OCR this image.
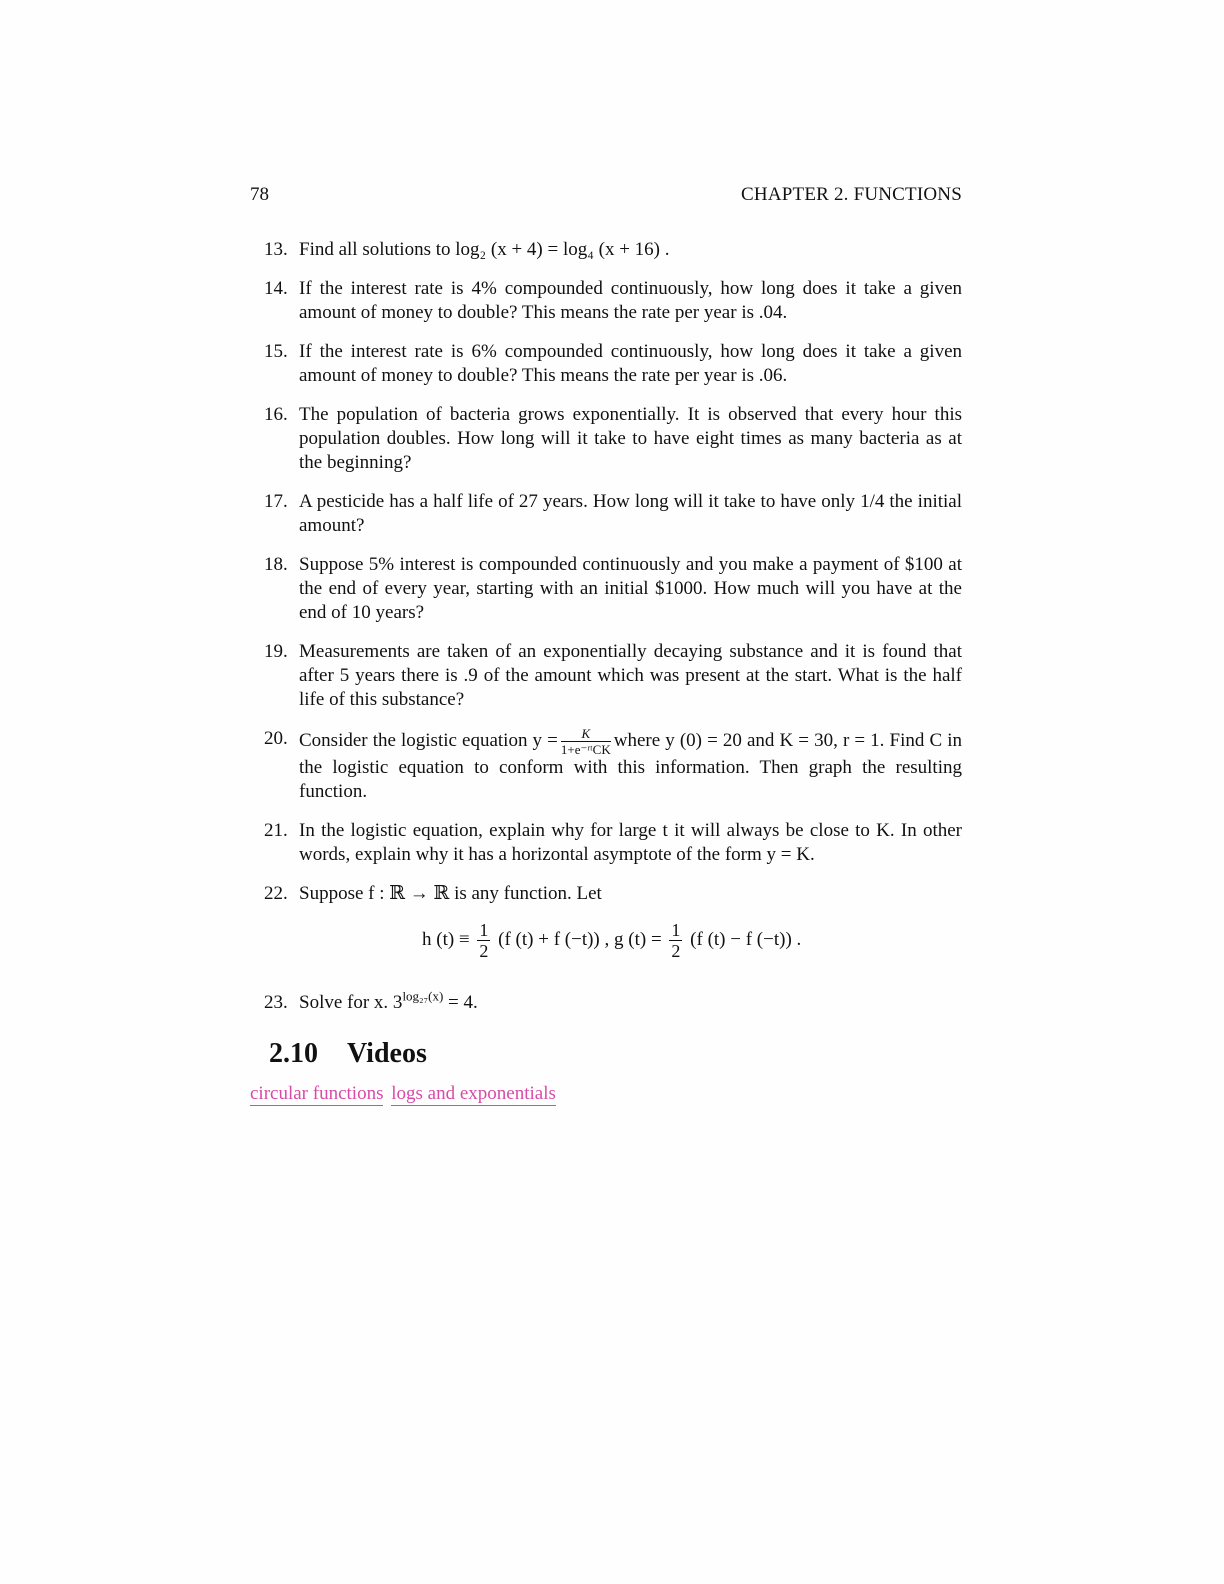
78	CHAPTER 2. FUNCTIONS
13. Find all solutions to log₂ (x + 4) = log₄ (x + 16) .
14. If the interest rate is 4% compounded continuously, how long does it take a given amount of money to double? This means the rate per year is .04.
15. If the interest rate is 6% compounded continuously, how long does it take a given amount of money to double? This means the rate per year is .06.
16. The population of bacteria grows exponentially. It is observed that every hour this population doubles. How long will it take to have eight times as many bacteria as at the beginning?
17. A pesticide has a half life of 27 years. How long will it take to have only 1/4 the initial amount?
18. Suppose 5% interest is compounded continuously and you make a payment of $100 at the end of every year, starting with an initial $1000. How much will you have at the end of 10 years?
19. Measurements are taken of an exponentially decaying substance and it is found that after 5 years there is .9 of the amount which was present at the start. What is the half life of this substance?
20. Consider the logistic equation $y = \frac{K}{\text{1+e⁻ʳᵗCK}}$ where y (0) = 20 and K = 30, r = 1. Find C in the logistic equation to conform with this information. Then graph the resulting function.
21. In the logistic equation, explain why for large t it will always be close to K. In other words, explain why it has a horizontal asymptote of the form y = K.
22. Suppose f : ℝ → ℝ is any function. Let
h $(t) \equiv \frac{1}{2} (f$ (t) + f (−t)) , g $(t) = \frac{1}{2} (f$ (t) − f (−t)) .
23. Solve for x. $3^{log_{27}(x)} = 4$.
2.10 Videos
circular functions logs and exponentials
